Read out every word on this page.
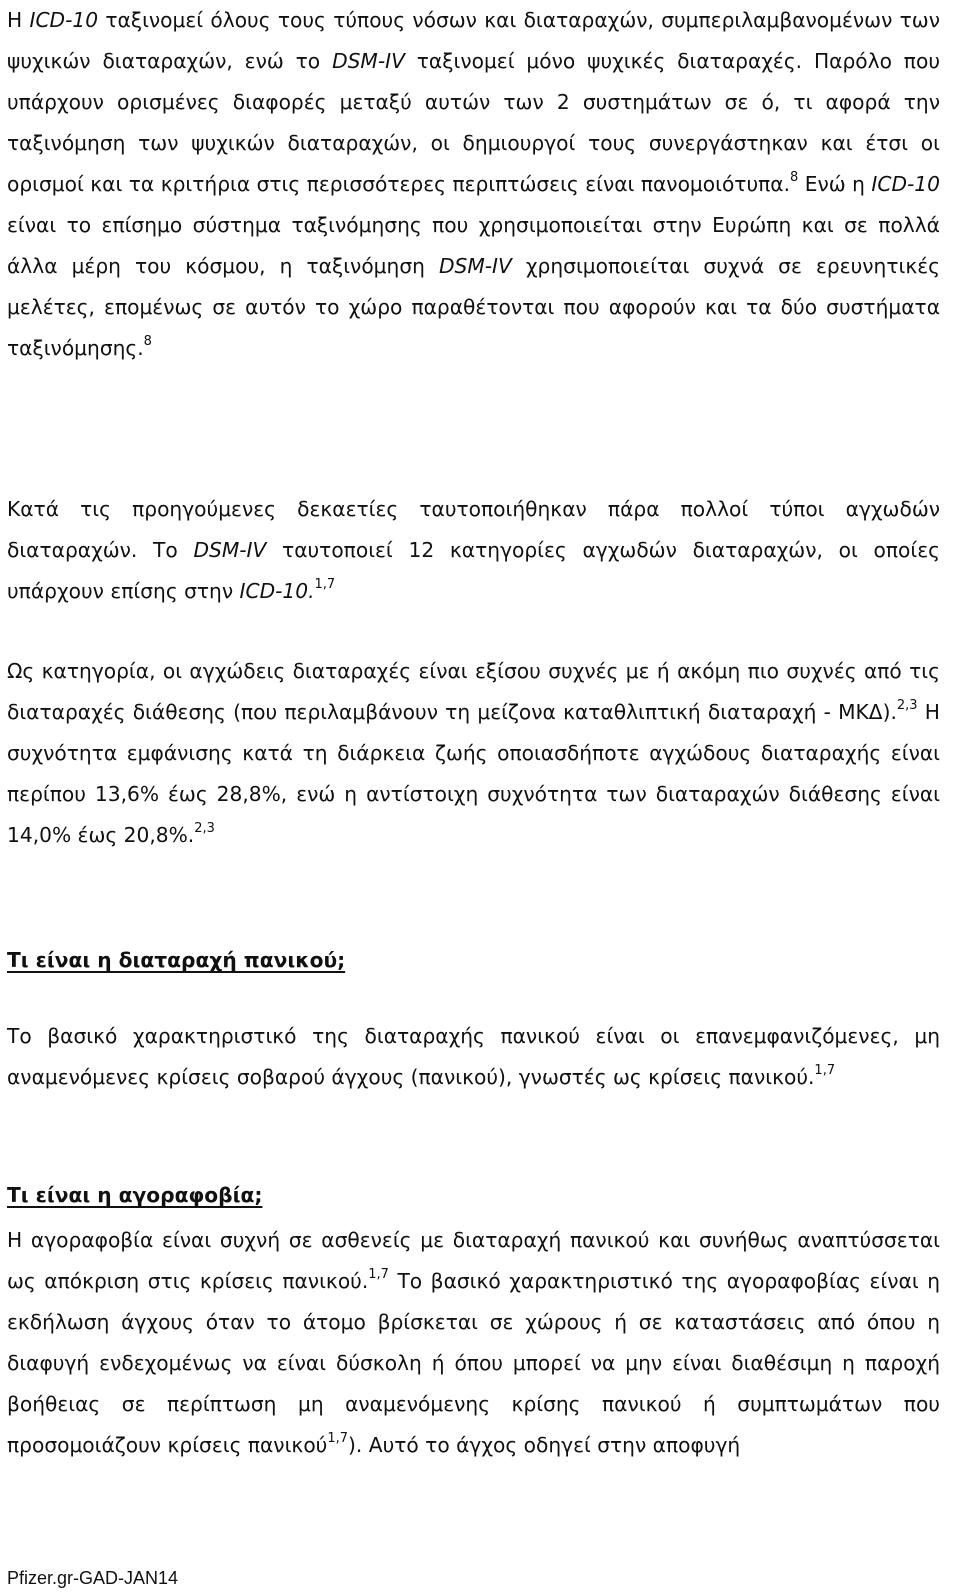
Η ICD-10 ταξινομεί όλους τους τύπους νόσων και διαταραχών, συμπεριλαμβανομένων των ψυχικών διαταραχών, ενώ το DSM-IV ταξινομεί μόνο ψυχικές διαταραχές. Παρόλο που υπάρχουν ορισμένες διαφορές μεταξύ αυτών των 2 συστημάτων σε ό, τι αφορά την ταξινόμηση των ψυχικών διαταραχών, οι δημιουργοί τους συνεργάστηκαν και έτσι οι ορισμοί και τα κριτήρια στις περισσότερες περιπτώσεις είναι πανομοιότυπα.$^8$ Ενώ η ICD-10 είναι το επίσημο σύστημα ταξινόμησης που χρησιμοποιείται στην Ευρώπη και σε πολλά άλλα μέρη του κόσμου, η ταξινόμηση DSM-IV χρησιμοποιείται συχνά σε ερευνητικές μελέτες, επομένως σε αυτόν το χώρο παραθέτονται που αφορούν και τα δύο συστήματα ταξινόμησης.$^8$

Κατά τις προηγούμενες δεκαετίες ταυτοποιήθηκαν πάρα πολλοί τύποι αγχωδών διαταραχών. Το DSM-IV ταυτοποιεί 12 κατηγορίες αγχωδών διαταραχών, οι οποίες υπάρχουν επίσης στην ICD-10.$^{1,7}$

Ως κατηγορία, οι αγχώδεις διαταραχές είναι εξίσου συχνές με ή ακόμη πιο συχνές από τις διαταραχές διάθεσης (που περιλαμβάνουν τη μείζονα καταθλιπτική διαταραχή - ΜΚΔ).$^{2,3}$ Η συχνότητα εμφάνισης κατά τη διάρκεια ζωής οποιασδήποτε αγχώδους διαταραχής είναι περίπου 13,6% έως 28,8%, ενώ η αντίστοιχη συχνότητα των διαταραχών διάθεσης είναι 14,0% έως 20,8%.$^{2,3}$

Τι είναι η διαταραχή πανικού;

Το βασικό χαρακτηριστικό της διαταραχής πανικού είναι οι επανεμφανιζόμενες, μη αναμενόμενες κρίσεις σοβαρού άγχους (πανικού), γνωστές ως κρίσεις πανικού.$^{1,7}$

Τι είναι η αγοραφοβία;

Η αγοραφοβία είναι συχνή σε ασθενείς με διαταραχή πανικού και συνήθως αναπτύσσεται ως απόκριση στις κρίσεις πανικού.$^{1,7}$ Το βασικό χαρακτηριστικό της αγοραφοβίας είναι η εκδήλωση άγχους όταν το άτομο βρίσκεται σε χώρους ή σε καταστάσεις από όπου η διαφυγή ενδεχομένως να είναι δύσκολη ή όπου μπορεί να μην είναι διαθέσιμη η παροχή βοήθειας σε περίπτωση μη αναμενόμενης κρίσης πανικού ή συμπτωμάτων που προσομοιάζουν κρίσεις πανικού$^{1,7}$). Αυτό το άγχος οδηγεί στην αποφυγή

Pfizer.gr-GAD-JAN14
